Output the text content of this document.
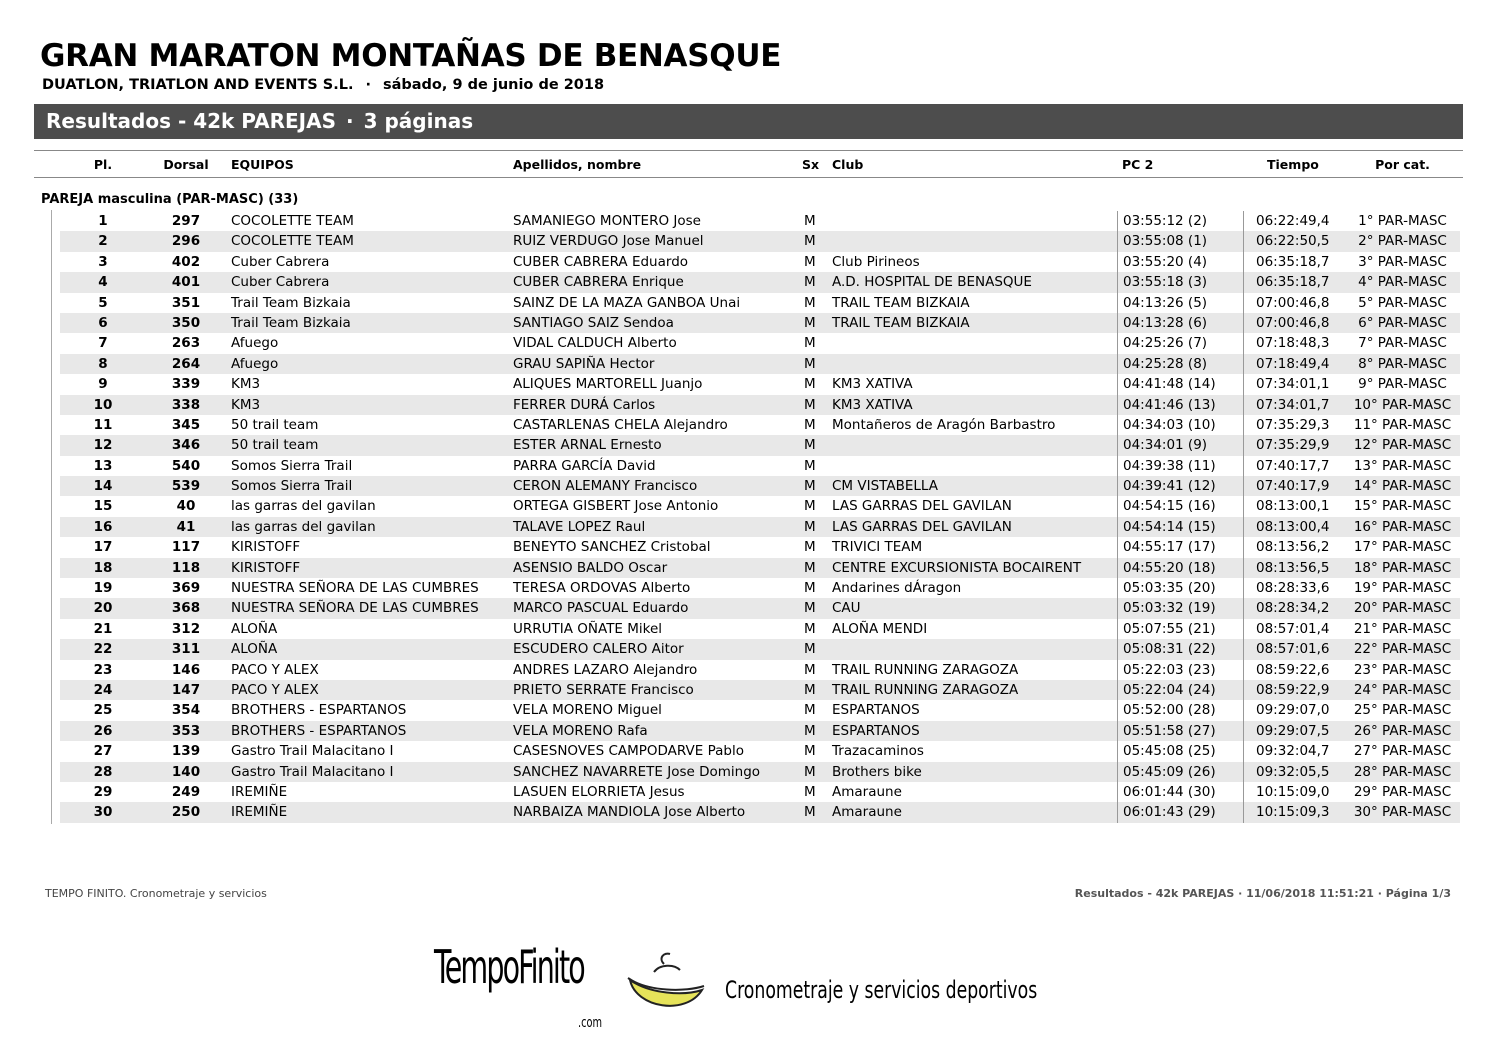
GRAN MARATON MONTAÑAS DE BENASQUE
DUATLON, TRIATLON AND EVENTS S.L. · sábado, 9 de junio de 2018
Resultados - 42k PAREJAS · 3 páginas
Pl.	Dorsal	EQUIPOS	Apellidos, nombre	Sx Club	PC 2	Tiempo	Por cat.
PAREJA masculina (PAR-MASC) (33)
1	297	COCOLETTE TEAM	SAMANIEGO MONTERO Jose	M	03:55:12 (2)	06:22:49,4	1° PAR-MASC
2	296	COCOLETTE TEAM	RUIZ VERDUGO Jose Manuel	M	03:55:08 (1)	06:22:50,5	2° PAR-MASC
3	402	Cuber Cabrera	CUBER CABRERA Eduardo	M Club Pirineos	03:55:20 (4)	06:35:18,7	3° PAR-MASC
4	401	Cuber Cabrera	CUBER CABRERA Enrique	M A.D. HOSPITAL DE BENASQUE	03:55:18 (3)	06:35:18,7	4° PAR-MASC
5	351	Trail Team Bizkaia	SAINZ DE LA MAZA GANBOA Unai	M TRAIL TEAM BIZKAIA	04:13:26 (5)	07:00:46,8	5° PAR-MASC
6	350	Trail Team Bizkaia	SANTIAGO SAIZ Sendoa	M TRAIL TEAM BIZKAIA	04:13:28 (6)	07:00:46,8	6° PAR-MASC
7	263	Afuego	VIDAL CALDUCH Alberto	M	04:25:26 (7)	07:18:48,3	7° PAR-MASC
8	264	Afuego	GRAU SAPIÑA Hector	M	04:25:28 (8)	07:18:49,4	8° PAR-MASC
9	339	KM3	ALIQUES MARTORELL Juanjo	M KM3 XATIVA	04:41:48 (14)	07:34:01,1	9° PAR-MASC
10	338	KM3	FERRER DURÁ Carlos	M KM3 XATIVA	04:41:46 (13)	07:34:01,7	10° PAR-MASC
11	345	50 trail team	CASTARLENAS CHELA Alejandro	M Montañeros de Aragón Barbastro	04:34:03 (10)	07:35:29,3	11° PAR-MASC
12	346	50 trail team	ESTER ARNAL Ernesto	M	04:34:01 (9)	07:35:29,9	12° PAR-MASC
13	540	Somos Sierra Trail	PARRA GARCÍA David	M	04:39:38 (11)	07:40:17,7	13° PAR-MASC
14	539	Somos Sierra Trail	CERON ALEMANY Francisco	M CM VISTABELLA	04:39:41 (12)	07:40:17,9	14° PAR-MASC
15	40	las garras del gavilan	ORTEGA GISBERT Jose Antonio	M LAS GARRAS DEL GAVILAN	04:54:15 (16)	08:13:00,1	15° PAR-MASC
16	41	las garras del gavilan	TALAVE LOPEZ Raul	M LAS GARRAS DEL GAVILAN	04:54:14 (15)	08:13:00,4	16° PAR-MASC
17	117	KIRISTOFF	BENEYTO SANCHEZ Cristobal	M TRIVICI TEAM	04:55:17 (17)	08:13:56,2	17° PAR-MASC
18	118	KIRISTOFF	ASENSIO BALDO Oscar	M CENTRE EXCURSIONISTA BOCAIRENT	04:55:20 (18)	08:13:56,5	18° PAR-MASC
19	369	NUESTRA SEÑORA DE LAS CUMBRES	TERESA ORDOVAS Alberto	M Andarines dÁragon	05:03:35 (20)	08:28:33,6	19° PAR-MASC
20	368	NUESTRA SEÑORA DE LAS CUMBRES	MARCO PASCUAL Eduardo	M CAU	05:03:32 (19)	08:28:34,2	20° PAR-MASC
21	312	ALOÑA	URRUTIA OÑATE Mikel	M ALOÑA MENDI	05:07:55 (21)	08:57:01,4	21° PAR-MASC
22	311	ALOÑA	ESCUDERO CALERO Aitor	M	05:08:31 (22)	08:57:01,6	22° PAR-MASC
23	146	PACO Y ALEX	ANDRES LAZARO Alejandro	M TRAIL RUNNING ZARAGOZA	05:22:03 (23)	08:59:22,6	23° PAR-MASC
24	147	PACO Y ALEX	PRIETO SERRATE Francisco	M TRAIL RUNNING ZARAGOZA	05:22:04 (24)	08:59:22,9	24° PAR-MASC
25	354	BROTHERS - ESPARTANOS	VELA MORENO Miguel	M ESPARTANOS	05:52:00 (28)	09:29:07,0	25° PAR-MASC
26	353	BROTHERS - ESPARTANOS	VELA MORENO Rafa	M ESPARTANOS	05:51:58 (27)	09:29:07,5	26° PAR-MASC
27	139	Gastro Trail Malacitano I	CASESNOVES CAMPODARVE Pablo	M Trazacaminos	05:45:08 (25)	09:32:04,7	27° PAR-MASC
28	140	Gastro Trail Malacitano I	SANCHEZ NAVARRETE Jose Domingo	M Brothers bike	05:45:09 (26)	09:32:05,5	28° PAR-MASC
29	249	IREMIÑE	LASUEN ELORRIETA Jesus	M Amaraune	06:01:44 (30)	10:15:09,0	29° PAR-MASC
30	250	IREMIÑE	NARBAIZA MANDIOLA Jose Alberto	M Amaraune	06:01:43 (29)	10:15:09,3	30° PAR-MASC
TEMPO FINITO. Cronometraje y servicios	Resultados - 42k PAREJAS · 11/06/2018 11:51:21 · Página 1/3
TempoFinito
.com
Cronometraje y servicios deportivos
